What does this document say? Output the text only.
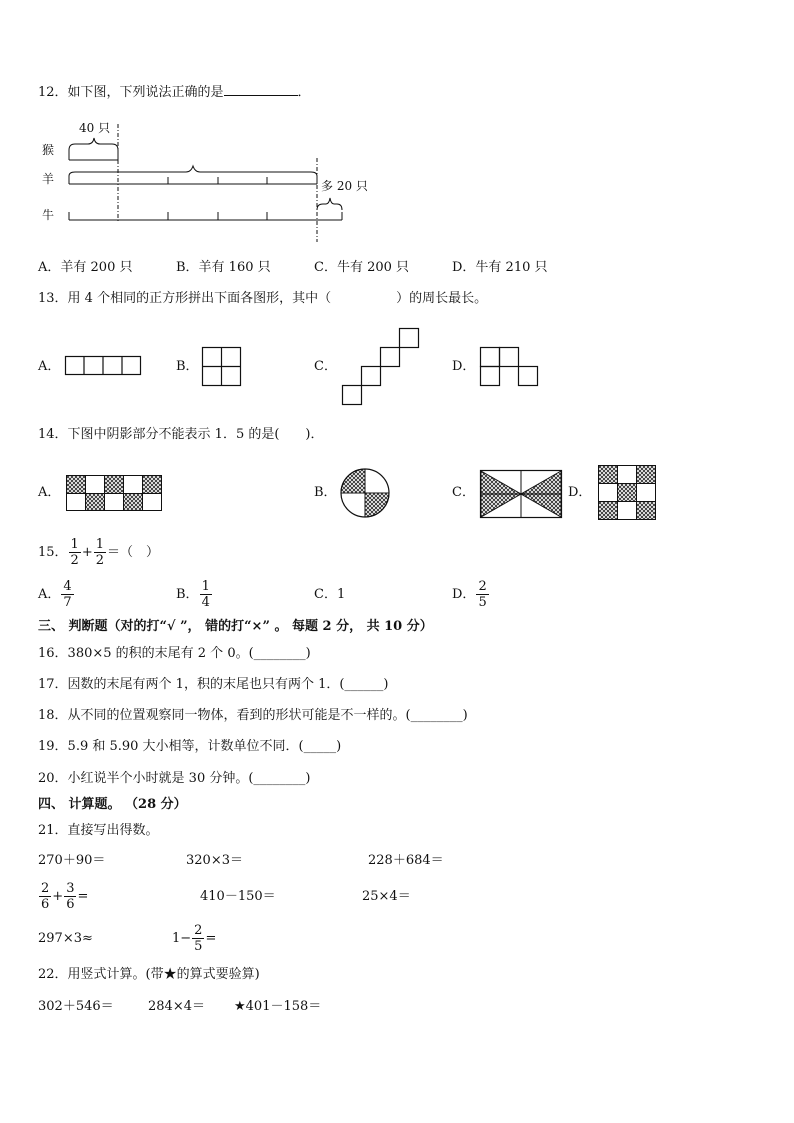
12．如下图，下列说法正确的是	．
猴
羊
牛
40 只
多 20 只
A．羊有 200 只	B．羊有 160 只	C．牛有 200 只	D．牛有 210 只
13．用 4 个相同的正方形拼出下面各图形，其中（　　　　　）的周长最长。
A．	B．	C．	D．
14．下图中阴影部分不能表示 1．5 的是(　　)．
A．	B．	C．	D．
15． $\frac{1}{2} + \frac{1}{2}$ ＝（　）
A． $\frac{4}{7}$	B． $\frac{1}{4}$	C．1	D． $\frac{2}{5}$
三、 判断题（对的打“√ ”， 错的打“×” 。 每题 2 分， 共 10 分）
16．380×5 的积的末尾有 2 个 0。(________)
17．因数的末尾有两个 1，积的末尾也只有两个 1．(______)
18．从不同的位置观察同一物体，看到的形状可能是不一样的。(________)
19．5.9 和 5.90 大小相等，计数单位不同．(_____)
20．小红说半个小时就是 30 分钟。(________)
四、 计算题。 （28 分）
21．直接写出得数。
270＋90＝	320×3＝	228＋684＝
$\frac{2}{6} + \frac{3}{6}$ =	410－150＝	25×4＝
297×3≈	$1- \frac{2}{5}$ =
22．用竖式计算。(带★的算式要验算)
302＋546＝	284×4＝ ★401－158＝
